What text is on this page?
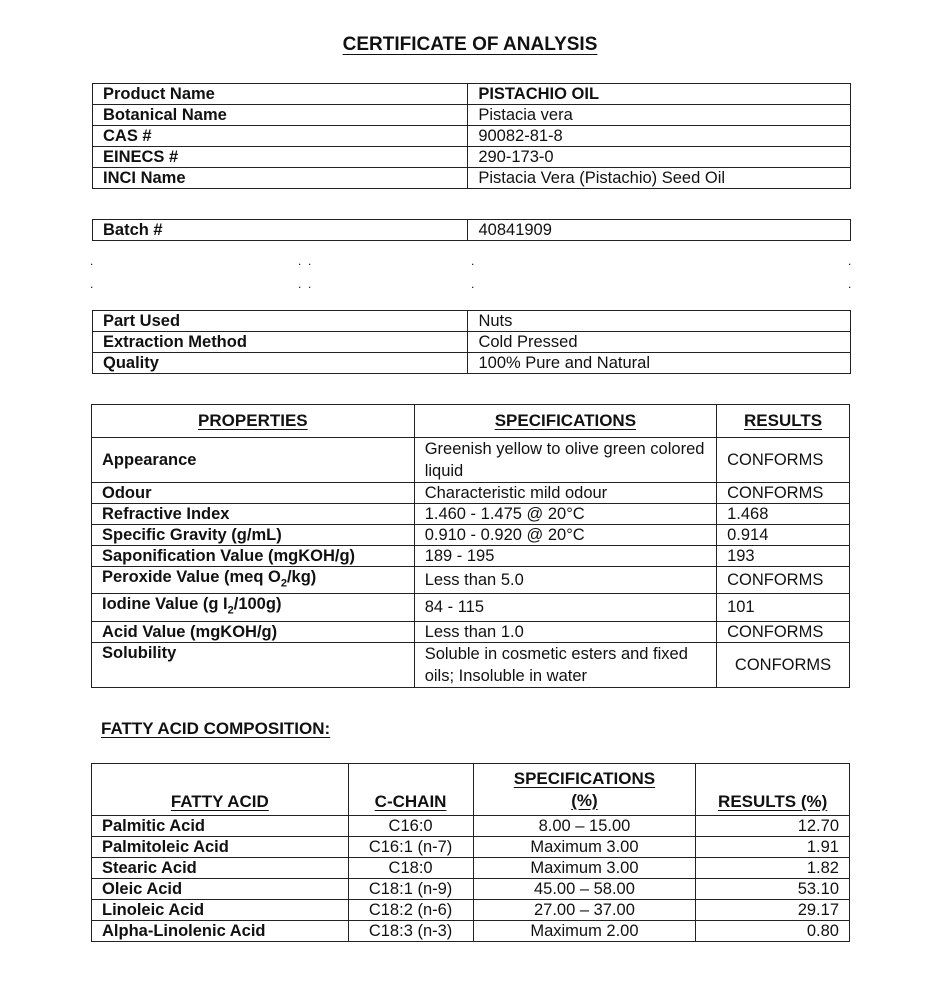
CERTIFICATE OF ANALYSIS
Product Name	PISTACHIO OIL
Botanical Name	Pistacia vera
CAS #	90082-81-8
EINECS #	290-173-0
INCI Name	Pistacia Vera (Pistachio) Seed Oil
Batch #	40841909
.	.  .	.	.
.	.  .	.	.
Part Used	Nuts
Extraction Method	Cold Pressed
Quality	100% Pure and Natural
PROPERTIES	SPECIFICATIONS	RESULTS
Appearance	Greenish yellow to olive green colored liquid	CONFORMS
Odour	Characteristic mild odour	CONFORMS
Refractive Index	1.460 - 1.475 @ 20°C	1.468
Specific Gravity (g/mL)	0.910 - 0.920 @ 20°C	0.914
Saponification Value (mgKOH/g)	189 - 195	193
Peroxide Value (meq $O_2/kg$)	Less than 5.0	CONFORMS
Iodine Value (g $I_2/100g$)	84 - 115	101
Acid Value (mgKOH/g)	Less than 1.0	CONFORMS
Solubility	Soluble in cosmetic esters and fixed oils; Insoluble in water	CONFORMS
FATTY ACID COMPOSITION:
FATTY ACID	C-CHAIN	SPECIFICATIONS (%)	RESULTS (%)
Palmitic Acid	C16:0	8.00 – 15.00	12.70
Palmitoleic Acid	C16:1 (n-7)	Maximum 3.00	1.91
Stearic Acid	C18:0	Maximum 3.00	1.82
Oleic Acid	C18:1 (n-9)	45.00 – 58.00	53.10
Linoleic Acid	C18:2 (n-6)	27.00 – 37.00	29.17
Alpha-Linolenic Acid	C18:3 (n-3)	Maximum 2.00	0.80
